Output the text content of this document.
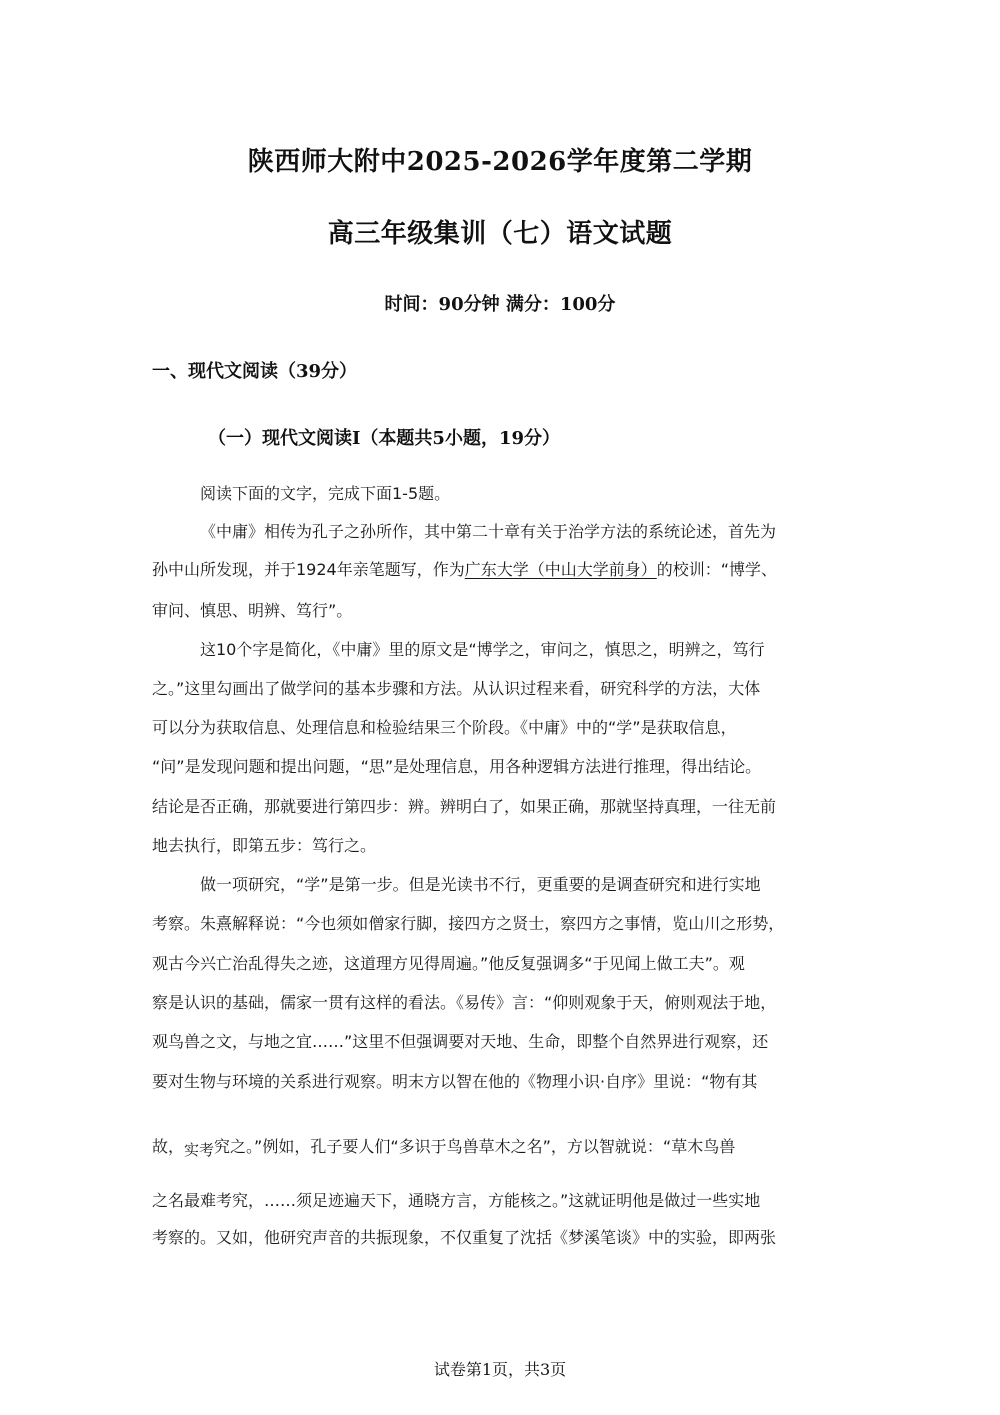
陕西师大附中2025-2026学年度第二学期
高三年级集训（七）语文试题
时间：90分钟 满分：100分
一、现代文阅读（39分）
（一）现代文阅读Ⅰ（本题共5小题，19分）
阅读下面的文字，完成下面1-5题。
《中庸》相传为孔子之孙所作，其中第二十章有关于治学方法的系统论述，首先为
孙中山所发现，并于1924年亲笔题写，作为广东大学（中山大学前身）的校训：“博学、
审问、慎思、明辨、笃行”。
这10个字是简化，《中庸》里的原文是“博学之，审问之，慎思之，明辨之，笃行
之。”这里勾画出了做学问的基本步骤和方法。从认识过程来看，研究科学的方法，大体
可以分为获取信息、处理信息和检验结果三个阶段。《中庸》中的“学”是获取信息，
“问”是发现问题和提出问题，“思”是处理信息，用各种逻辑方法进行推理，得出结论。
结论是否正确，那就要进行第四步：辨。辨明白了，如果正确，那就坚持真理，一往无前
地去执行，即第五步：笃行之。
做一项研究，“学”是第一步。但是光读书不行，更重要的是调查研究和进行实地
考察。朱熹解释说：“今也须如僧家行脚，接四方之贤士，察四方之事情，览山川之形势，
观古今兴亡治乱得失之迹，这道理方见得周遍。”他反复强调多“于见闻上做工夫”。观
察是认识的基础，儒家一贯有这样的看法。《易传》言：“仰则观象于天，俯则观法于地，
观鸟兽之文，与地之宜……”这里不但强调要对天地、生命，即整个自然界进行观察，还
要对生物与环境的关系进行观察。明末方以智在他的《物理小识·自序》里说：“物有其
故，实考究之。”例如，孔子要人们“多识于鸟兽草木之名”，方以智就说：“草木鸟兽
之名最难考究，……须足迹遍天下，通晓方言，方能核之。”这就证明他是做过一些实地
考察的。又如，他研究声音的共振现象，不仅重复了沈括《梦溪笔谈》中的实验，即两张
试卷第1页，共3页
